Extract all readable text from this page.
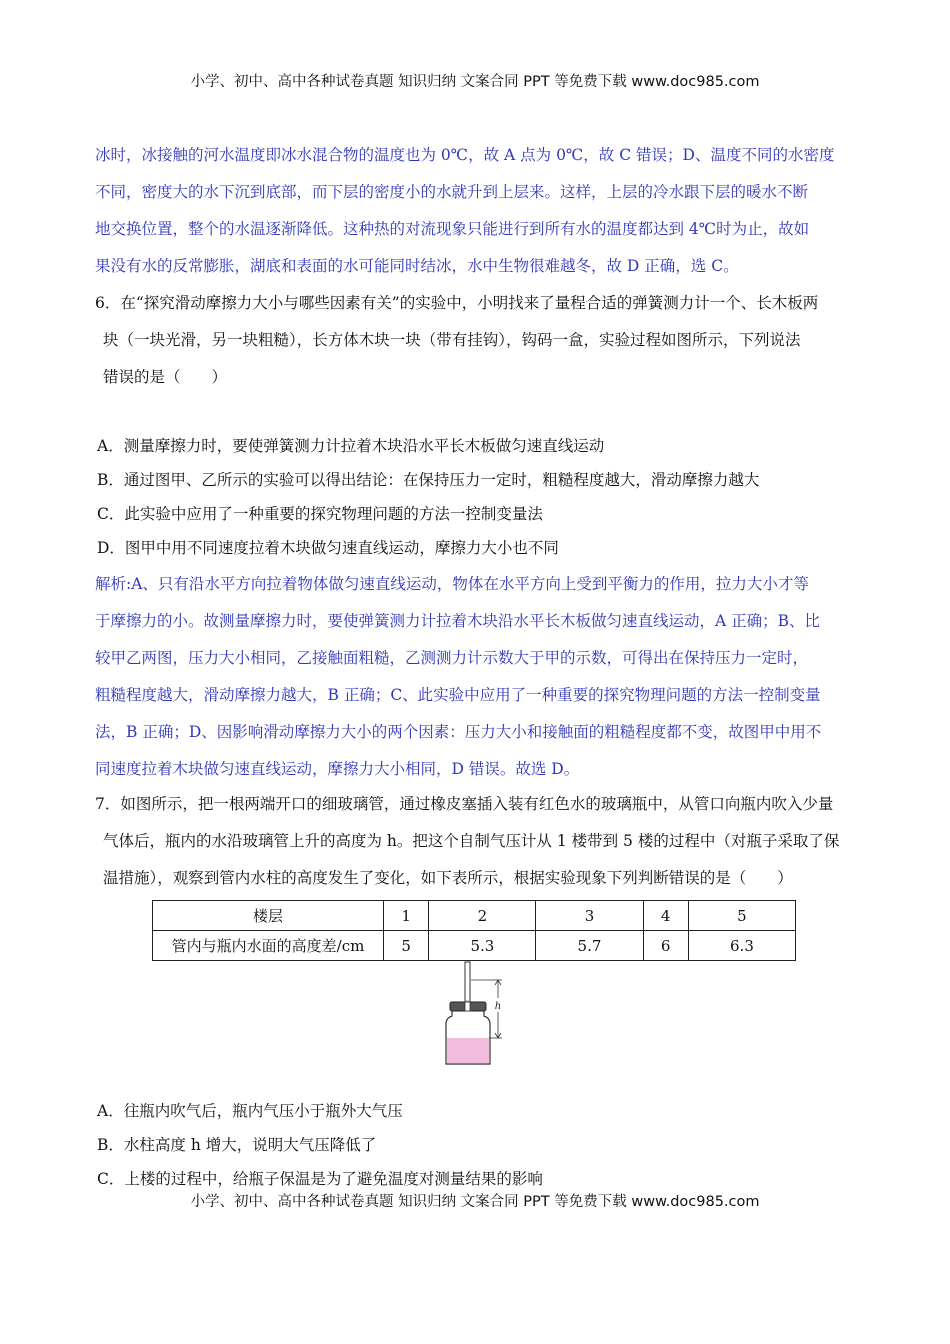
小学、初中、高中各种试卷真题 知识归纳 文案合同 PPT 等免费下载 www.doc985.com
冰时，冰接触的河水温度即冰水混合物的温度也为 0℃，故 A 点为 0℃，故 C 错误；D、温度不同的水密度
不同，密度大的水下沉到底部，而下层的密度小的水就升到上层来。这样，上层的冷水跟下层的暖水不断
地交换位置，整个的水温逐渐降低。这种热的对流现象只能进行到所有水的温度都达到 4℃时为止，故如
果没有水的反常膨胀，湖底和表面的水可能同时结冰，水中生物很难越冬，故 D 正确，选 C。
6．在“探究滑动摩擦力大小与哪些因素有关”的实验中，小明找来了量程合适的弹簧测力计一个、长木板两
块（一块光滑，另一块粗糙），长方体木块一块（带有挂钩），钩码一盒，实验过程如图所示，下列说法
错误的是（　　）
A．测量摩擦力时，要使弹簧测力计拉着木块沿水平长木板做匀速直线运动
B．通过图甲、乙所示的实验可以得出结论：在保持压力一定时，粗糙程度越大，滑动摩擦力越大
C．此实验中应用了一种重要的探究物理问题的方法一控制变量法
D．图甲中用不同速度拉着木块做匀速直线运动，摩擦力大小也不同
解析:A、只有沿水平方向拉着物体做匀速直线运动，物体在水平方向上受到平衡力的作用，拉力大小才等
于摩擦力的小。故测量摩擦力时，要使弹簧测力计拉着木块沿水平长木板做匀速直线运动，A 正确；B、比
较甲乙两图，压力大小相同，乙接触面粗糙，乙测测力计示数大于甲的示数，可得出在保持压力一定时，
粗糙程度越大，滑动摩擦力越大，B 正确；C、此实验中应用了一种重要的探究物理问题的方法一控制变量
法，B 正确；D、因影响滑动摩擦力大小的两个因素：压力大小和接触面的粗糙程度都不变，故图甲中用不
同速度拉着木块做匀速直线运动，摩擦力大小相同，D 错误。故选 D。
7．如图所示，把一根两端开口的细玻璃管，通过橡皮塞插入装有红色水的玻璃瓶中，从管口向瓶内吹入少量
气体后，瓶内的水沿玻璃管上升的高度为 h。把这个自制气压计从 1 楼带到 5 楼的过程中（对瓶子采取了保
温措施），观察到管内水柱的高度发生了变化，如下表所示，根据实验现象下列判断错误的是（　　）
楼层	1	2	3	4	5
管内与瓶内水面的高度差/cm	5	5.3	5.7	6	6.3
h
A．往瓶内吹气后，瓶内气压小于瓶外大气压
B．水柱高度 h 增大，说明大气压降低了
C．上楼的过程中，给瓶子保温是为了避免温度对测量结果的影响
小学、初中、高中各种试卷真题 知识归纳 文案合同 PPT 等免费下载 www.doc985.com
